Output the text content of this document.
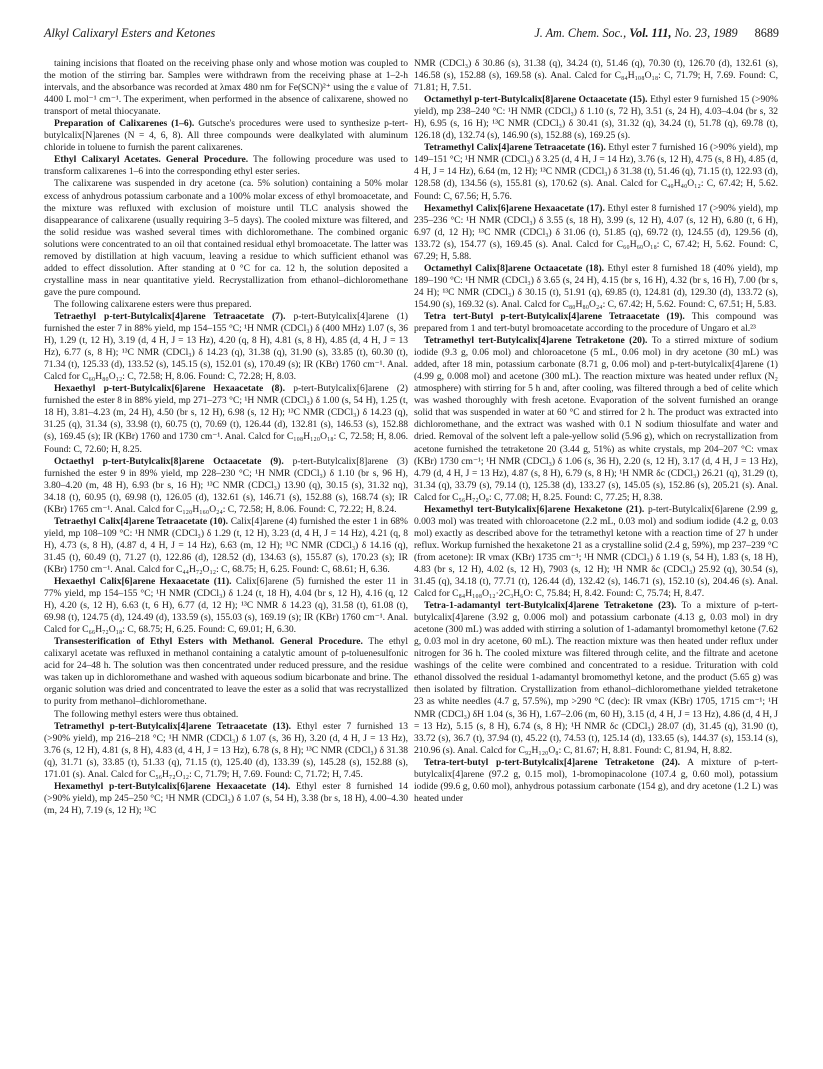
Alkyl Calixaryl Esters and Ketones	J. Am. Chem. Soc., Vol. 111, No. 23, 1989 8689

taining incisions that floated on the receiving phase only and whose motion was coupled to the motion of the stirring bar. Samples were withdrawn from the receiving phase at 1–2-h intervals, and the absorbance was recorded at λmax 480 nm for Fe(SCN)²⁺ using the ε value of 4400 L mol⁻¹ cm⁻¹. The experiment, when performed in the absence of calixarene, showed no transport of metal thiocyanate.

Preparation of Calixarenes (1–6). Gutsche's procedures were used to synthesize p-tert-butylcalix[N]arenes (N = 4, 6, 8). All three compounds were dealkylated with aluminum chloride in toluene to furnish the parent calixarenes.

Ethyl Calixaryl Acetates. General Procedure. The following procedure was used to transform calixarenes 1–6 into the corresponding ethyl ester series.

The calixarene was suspended in dry acetone (ca. 5% solution) containing a 50% molar excess of anhydrous potassium carbonate and a 100% molar excess of ethyl bromoacetate, and the mixture was refluxed with exclusion of moisture until TLC analysis showed the disappearance of calixarene (usually requiring 3–5 days). The cooled mixture was filtered, and the solid residue was washed several times with dichloromethane. The combined organic solutions were concentrated to an oil that contained residual ethyl bromoacetate. The latter was removed by distillation at high vacuum, leaving a residue to which sufficient ethanol was added to effect dissolution. After standing at 0 °C for ca. 12 h, the solution deposited a crystalline mass in near quantitative yield. Recrystallization from ethanol–dichloromethane gave the pure compound.

The following calixarene esters were thus prepared.

Tetraethyl p-tert-Butylcalix[4]arene Tetraacetate (7). p-tert-Butylcalix[4]arene (1) furnished the ester 7 in 88% yield, mp 154–155 °C; ¹H NMR (CDCl₃) δ (400 MHz) 1.07 (s, 36 H), 1.29 (t, 12 H), 3.19 (d, 4 H, J = 13 Hz), 4.20 (q, 8 H), 4.81 (s, 8 H), 4.85 (d, 4 H, J = 13 Hz), 6.77 (s, 8 H); ¹³C NMR (CDCl₃) δ 14.23 (q), 31.38 (q), 31.90 (s), 33.85 (t), 60.30 (t), 71.34 (t), 125.33 (d), 133.52 (s), 145.15 (s), 152.01 (s), 170.49 (s); IR (KBr) 1760 cm⁻¹. Anal. Calcd for C₆₀H₈₀O₁₂: C, 72.58; H, 8.06. Found: C, 72.28; H, 8.03.

Hexaethyl p-tert-Butylcalix[6]arene Hexaacetate (8). p-tert-Butylcalix[6]arene (2) furnished the ester 8 in 88% yield, mp 271–273 °C; ¹H NMR (CDCl₃) δ 1.00 (s, 54 H), 1.25 (t, 18 H), 3.81–4.23 (m, 24 H), 4.50 (br s, 12 H), 6.98 (s, 12 H); ¹³C NMR (CDCl₃) δ 14.23 (q), 31.25 (q), 31.34 (s), 33.98 (t), 60.75 (t), 70.69 (t), 126.44 (d), 132.81 (s), 146.53 (s), 152.88 (s), 169.45 (s); IR (KBr) 1760 and 1730 cm⁻¹. Anal. Calcd for C₁₀₈H₁₂₀O₁₈: C, 72.58; H, 8.06. Found: C, 72.60; H, 8.25.

Octaethyl p-tert-Butylcalix[8]arene Octaacetate (9). p-tert-Butylcalix[8]arene (3) furnished the ester 9 in 89% yield, mp 228–230 °C; ¹H NMR (CDCl₃) δ 1.10 (br s, 96 H), 3.80–4.20 (m, 48 H), 6.93 (br s, 16 H); ¹³C NMR (CDCl₃) 13.90 (q), 30.15 (s), 31.32 nq), 34.18 (t), 60.95 (t), 69.98 (t), 126.05 (d), 132.61 (s), 146.71 (s), 152.88 (s), 168.74 (s); IR (KBr) 1765 cm⁻¹. Anal. Calcd for C₁₂₀H₁₆₀O₂₄: C, 72.58; H, 8.06. Found: C, 72.22; H, 8.24.

Tetraethyl Calix[4]arene Tetraacetate (10). Calix[4]arene (4) furnished the ester 1 in 68% yield, mp 108–109 °C: ¹H NMR (CDCl₃) δ 1.29 (t, 12 H), 3.23 (d, 4 H, J = 14 Hz), 4.21 (q, 8 H), 4.73 (s, 8 H), (4.87 d, 4 H, J = 14 Hz), 6.63 (m, 12 H); ¹³C NMR (CDCl₃) δ 14.16 (q), 31.45 (t), 60.49 (t), 71.27 (t), 122.86 (d), 128.52 (d), 134.63 (s), 155.87 (s), 170.23 (s); IR (KBr) 1750 cm⁻¹. Anal. Calcd for C₄₄H₇₂O₁₂: C, 68.75; H, 6.25. Found: C, 68.61; H, 6.36.

Hexaethyl Calix[6]arene Hexaacetate (11). Calix[6]arene (5) furnished the ester 11 in 77% yield, mp 154–155 °C; ¹H NMR (CDCl₃) δ 1.24 (t, 18 H), 4.04 (br s, 12 H), 4.16 (q, 12 H), 4.20 (s, 12 H), 6.63 (t, 6 H), 6.77 (d, 12 H); ¹³C NMR δ 14.23 (q), 31.58 (t), 61.08 (t), 69.98 (t), 124.75 (d), 124.49 (d), 133.59 (s), 155.03 (s), 169.19 (s); IR (KBr) 1760 cm⁻¹. Anal. Calcd for C₆₆H₇₂O₁₈: C, 68.75; H, 6.25. Found: C, 69.01; H, 6.30.

Transesterification of Ethyl Esters with Methanol. General Procedure. The ethyl calixaryl acetate was refluxed in methanol containing a catalytic amount of p-toluenesulfonic acid for 24–48 h. The solution was then concentrated under reduced pressure, and the residue was taken up in dichloromethane and washed with aqueous sodium bicarbonate and brine. The organic solution was dried and concentrated to leave the ester as a solid that was recrystallized to purity from methanol–dichloromethane.

The following methyl esters were thus obtained.

Tetramethyl p-tert-Butylcalix[4]arene Tetraacetate (13). Ethyl ester 7 furnished 13 (>90% yield), mp 216–218 °C; ¹H NMR (CDCl₃) δ 1.07 (s, 36 H), 3.20 (d, 4 H, J = 13 Hz), 3.76 (s, 12 H), 4.81 (s, 8 H), 4.83 (d, 4 H, J = 13 Hz), 6.78 (s, 8 H); ¹³C NMR (CDCl₃) δ 31.38 (q), 31.71 (s), 33.85 (t), 51.33 (q), 71.15 (t), 125.40 (d), 133.39 (s), 145.28 (s), 152.88 (s), 171.01 (s). Anal. Calcd for C₅₆H₇₂O₁₂: C, 71.79; H, 7.69. Found: C, 71.72; H, 7.45.

Hexamethyl p-tert-Butylcalix[6]arene Hexaacetate (14). Ethyl ester 8 furnished 14 (>90% yield), mp 245–250 °C; ¹H NMR (CDCl₃) δ 1.07 (s, 54 H), 3.38 (br s, 18 H), 4.00–4.30 (m, 24 H), 7.19 (s, 12 H); ¹³C

NMR (CDCl₃) δ 30.86 (s), 31.38 (q), 34.24 (t), 51.46 (q), 70.30 (t), 126.70 (d), 132.61 (s), 146.58 (s), 152.88 (s), 169.58 (s). Anal. Calcd for C₈₄H₁₀₈O₁₈: C, 71.79; H, 7.69. Found: C, 71.81; H, 7.51.

Octamethyl p-tert-Butylcalix[8]arene Octaacetate (15). Ethyl ester 9 furnished 15 (>90% yield), mp 238–240 °C: ¹H NMR (CDCl₃) δ 1.10 (s, 72 H), 3.51 (s, 24 H), 4.03–4.04 (br s, 32 H), 6.95 (s, 16 H); ¹³C NMR (CDCl₃) δ 30.41 (s), 31.32 (q), 34.24 (t), 51.78 (q), 69.78 (t), 126.18 (d), 132.74 (s), 146.90 (s), 152.88 (s), 169.25 (s).

Tetramethyl Calix[4]arene Tetraacetate (16). Ethyl ester 7 furnished 16 (>90% yield), mp 149–151 °C; ¹H NMR (CDCl₃) δ 3.25 (d, 4 H, J = 14 Hz), 3.76 (s, 12 H), 4.75 (s, 8 H), 4.85 (d, 4 H, J = 14 Hz), 6.64 (m, 12 H); ¹³C NMR (CDCl₃) δ 31.38 (t), 51.46 (q), 71.15 (t), 122.93 (d), 128.58 (d), 134.56 (s), 155.81 (s), 170.62 (s). Anal. Calcd for C₄₀H₄₀O₁₂: C, 67.42; H, 5.62. Found: C, 67.56; H, 5.76.

Hexamethyl Calix[6]arene Hexaacetate (17). Ethyl ester 8 furnished 17 (>90% yield), mp 235–236 °C: ¹H NMR (CDCl₃) δ 3.55 (s, 18 H), 3.99 (s, 12 H), 4.07 (s, 12 H), 6.80 (t, 6 H), 6.97 (d, 12 H); ¹³C NMR (CDCl₃) δ 31.06 (t), 51.85 (q), 69.72 (t), 124.55 (d), 129.56 (d), 133.72 (s), 154.77 (s), 169.45 (s). Anal. Calcd for C₆₀H₆₀O₁₈: C, 67.42; H, 5.62. Found: C, 67.29; H, 5.88.

Octamethyl Calix[8]arene Octaacetate (18). Ethyl ester 8 furnished 18 (40% yield), mp 189–190 °C: ¹H NMR (CDCl₃) δ 3.65 (s, 24 H), 4.15 (br s, 16 H), 4.32 (br s, 16 H), 7.00 (br s, 24 H); ¹³C NMR (CDCl₃) δ 30.15 (t), 51.91 (q), 69.85 (t), 124.81 (d), 129.30 (d), 133.72 (s), 154.90 (s), 169.32 (s). Anal. Calcd for C₈₀H₈₀O₂₄: C, 67.42; H, 5.62. Found: C, 67.51; H, 5.83.

Tetra tert-Butyl p-tert-Butylcalix[4]arene Tetraacetate (19). This compound was prepared from 1 and tert-butyl bromoacetate according to the procedure of Ungaro et al.²³

Tetramethyl tert-Butylcalix[4]arene Tetraketone (20). To a stirred mixture of sodium iodide (9.3 g, 0.06 mol) and chloroacetone (5 mL, 0.06 mol) in dry acetone (30 mL) was added, after 18 min, potassium carbonate (8.71 g, 0.06 mol) and p-tert-butylcalix[4]arene (1) (4.99 g, 0.008 mol) and acetone (300 mL). The reaction mixture was heated under reflux (N₂ atmosphere) with stirring for 5 h and, after cooling, was filtered through a bed of celite which was washed thoroughly with fresh acetone. Evaporation of the solvent furnished an orange solid that was suspended in water at 60 °C and stirred for 2 h. The product was extracted into dichloromethane, and the extract was washed with 0.1 N sodium thiosulfate and water and dried. Removal of the solvent left a pale-yellow solid (5.96 g), which on recrystallization from acetone furnished the tetraketone 20 (3.44 g, 51%) as white crystals, mp 204–207 °C: νmax (KBr) 1730 cm⁻¹; ¹H NMR (CDCl₃) δ 1.06 (s, 36 H), 2.20 (s, 12 H), 3.17 (d, 4 H, J = 13 Hz), 4.79 (d, 4 H, J = 13 Hz), 4.87 (s, 8 H), 6.79 (s, 8 H); ¹H NMR δc (CDCl₃) 26.21 (q), 31.29 (t), 31.34 (q), 33.79 (s), 79.14 (t), 125.38 (d), 133.27 (s), 145.05 (s), 152.86 (s), 205.21 (s). Anal. Calcd for C₅₆H₇₂O₈: C, 77.08; H, 8.25. Found: C, 77.25; H, 8.38.

Hexamethyl tert-Butylcalix[6]arene Hexaketone (21). p-tert-Butylcalix[6]arene (2.99 g, 0.003 mol) was treated with chloroacetone (2.2 mL, 0.03 mol) and sodium iodide (4.2 g, 0.03 mol) exactly as described above for the tetramethyl ketone with a reaction time of 27 h under reflux. Workup furnished the hexaketone 21 as a crystalline solid (2.4 g, 59%), mp 237–239 °C (from acetone): IR νmax (KBr) 1735 cm⁻¹; ¹H NMR (CDCl₃) δ 1.19 (s, 54 H), 1.83 (s, 18 H), 4.83 (br s, 12 H), 4.02 (s, 12 H), 7903 (s, 12 H); ¹H NMR δc (CDCl₃) 25.92 (q), 30.54 (s), 31.45 (q), 34.18 (t), 77.71 (t), 126.44 (d), 132.42 (s), 146.71 (s), 152.10 (s), 204.46 (s). Anal. Calcd for C₈₄H₁₀₈O₁₂·2C₃H₆O: C, 75.84; H, 8.42. Found: C, 75.74; H, 8.47.

Tetra-1-adamantyl tert-Butylcalix[4]arene Tetraketone (23). To a mixture of p-tert-butylcalix[4]arene (3.92 g, 0.006 mol) and potassium carbonate (4.13 g, 0.03 mol) in dry acetone (300 mL) was added with stirring a solution of 1-adamantyl bromomethyl ketone (7.62 g, 0.03 mol in dry acetone, 60 mL). The reaction mixture was then heated under reflux under nitrogen for 36 h. The cooled mixture was filtered through celite, and the filtrate and acetone washings of the celite were combined and concentrated to a residue. Trituration with cold ethanol dissolved the residual 1-adamantyl bromomethyl ketone, and the product (5.65 g) was then isolated by filtration. Crystallization from ethanol–dichloromethane yielded tetraketone 23 as white needles (4.7 g, 57.5%), mp >290 °C (dec): IR νmax (KBr) 1705, 1715 cm⁻¹; ¹H NMR (CDCl₃) δH 1.04 (s, 36 H), 1.67–2.06 (m, 60 H), 3.15 (d, 4 H, J = 13 Hz), 4.86 (d, 4 H, J = 13 Hz), 5.15 (s, 8 H), 6.74 (s, 8 H); ¹H NMR δc (CDCl₃) 28.07 (d), 31.45 (q), 31.90 (t), 33.72 (s), 36.7 (t), 37.94 (t), 45.22 (t), 74.53 (t), 125.14 (d), 133.65 (s), 144.37 (s), 153.14 (s), 210.96 (s). Anal. Calcd for C₉₂H₁₂₀O₈: C, 81.67; H, 8.81. Found: C, 81.94, H, 8.82.

Tetra-tert-butyl p-tert-Butylcalix[4]arene Tetraketone (24). A mixture of p-tert-butylcalix[4]arene (97.2 g, 0.15 mol), 1-bromopinacolone (107.4 g, 0.60 mol), potassium iodide (99.6 g, 0.60 mol), anhydrous potassium carbonate (154 g), and dry acetone (1.2 L) was heated under
